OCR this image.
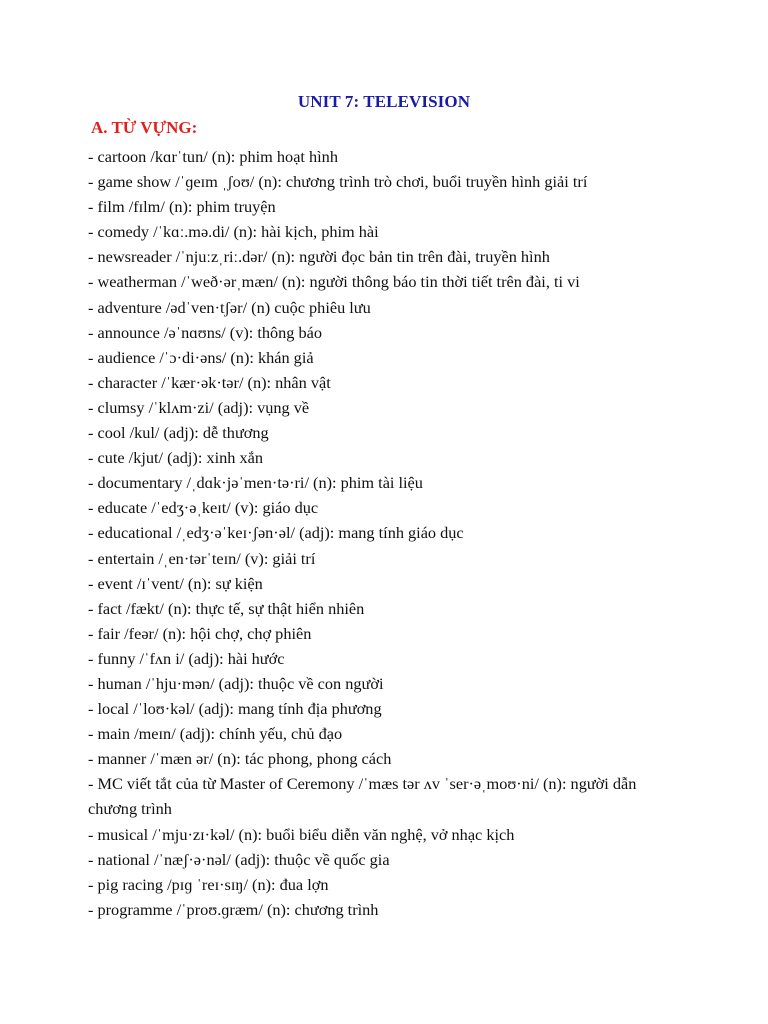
UNIT 7: TELEVISION
A. TỪ VỰNG:
- cartoon /kɑrˈtun/ (n): phim hoạt hình
- game show /ˈɡeɪm ˌʃoʊ/ (n): chương trình trò chơi, buổi truyền hình giải trí
- film /fɪlm/ (n): phim truyện
- comedy /ˈkɑː.mə.di/ (n): hài kịch, phim hài
- newsreader /ˈnjuːzˌriː.dər/ (n): người đọc bản tin trên đài, truyền hình
- weatherman /ˈweð·ərˌmæn/ (n): người thông báo tin thời tiết trên đài, ti vi
- adventure /ədˈven·tʃər/ (n) cuộc phiêu lưu
- announce /əˈnɑʊns/ (v): thông báo
- audience /ˈɔ·di·əns/ (n): khán giả
- character /ˈkær·ək·tər/ (n): nhân vật
- clumsy /ˈklʌm·zi/ (adj): vụng về
- cool /kul/ (adj): dễ thương
- cute /kjut/ (adj): xinh xắn
- documentary /ˌdɑk·jəˈmen·tə·ri/ (n): phim tài liệu
- educate /ˈedʒ·əˌkeɪt/ (v): giáo dục
- educational /ˌedʒ·əˈkeɪ·ʃən·əl/ (adj): mang tính giáo dục
- entertain /ˌen·tərˈteɪn/ (v): giải trí
- event /ɪˈvent/ (n): sự kiện
- fact /fækt/ (n): thực tế, sự thật hiển nhiên
- fair /feər/ (n): hội chợ, chợ phiên
- funny /ˈfʌn i/ (adj): hài hước
- human /ˈhju·mən/ (adj): thuộc về con người
- local /ˈloʊ·kəl/ (adj): mang tính địa phương
- main /meɪn/ (adj): chính yếu, chủ đạo
- manner /ˈmæn ər/ (n): tác phong, phong cách
- MC viết tắt của từ Master of Ceremony /ˈmæs tər ʌv ˈser·əˌmoʊ·ni/ (n): người dẫn chương trình
- musical /ˈmju·zɪ·kəl/ (n): buổi biểu diễn văn nghệ, vở nhạc kịch
- national /ˈnæʃ·ə·nəl/ (adj): thuộc về quốc gia
- pig racing /pɪɡ ˈreɪ·sɪŋ/ (n): đua lợn
- programme /ˈproʊ.ɡræm/ (n): chương trình
